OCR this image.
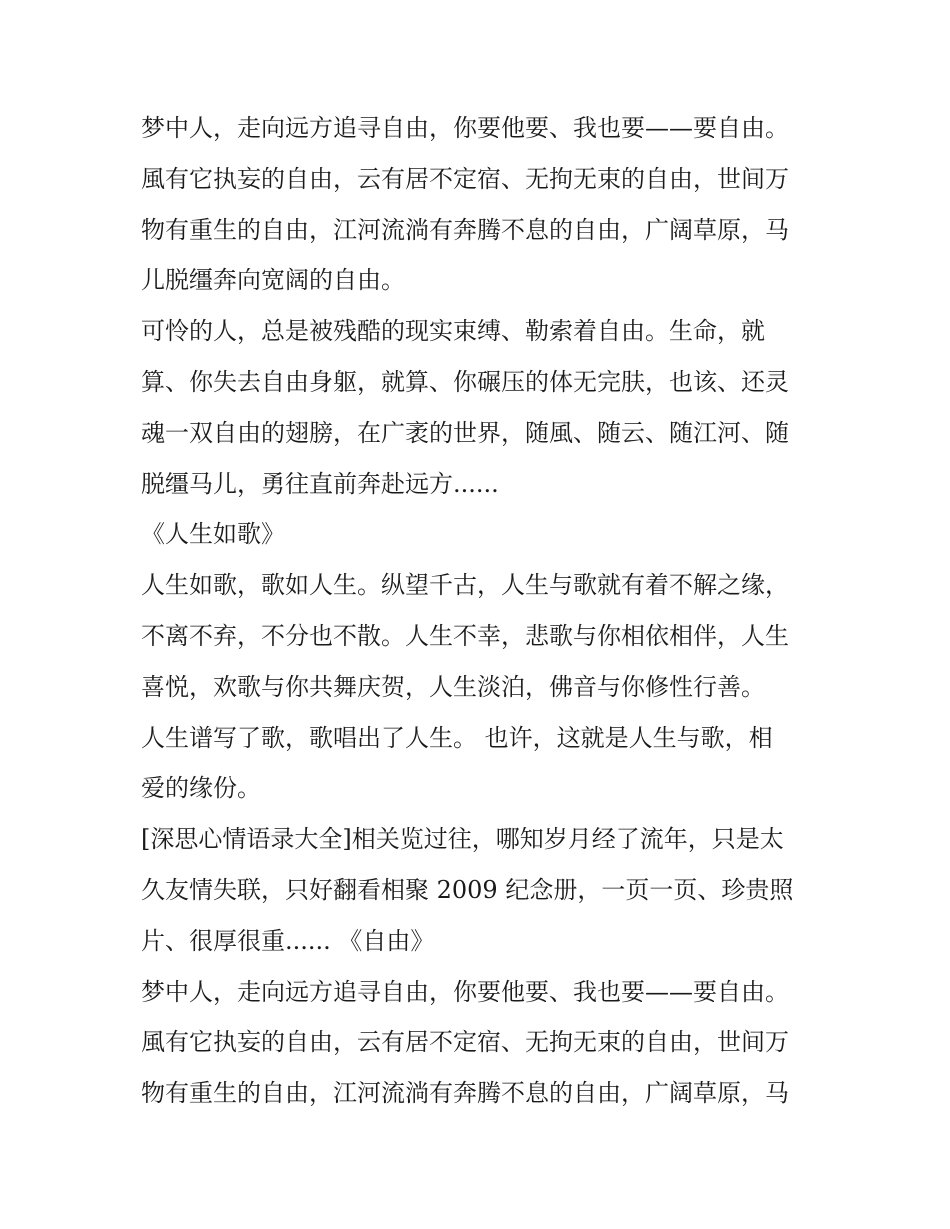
梦中人，走向远方追寻自由，你要他要、我也要——要自由。
風有它执妄的自由，云有居不定宿、无拘无束的自由，世间万
物有重生的自由，江河流淌有奔腾不息的自由，广阔草原，马
儿脱缰奔向宽阔的自由。
可怜的人，总是被残酷的现实束缚、勒索着自由。生命，就
算、你失去自由身躯，就算、你碾压的体无完肤，也该、还灵
魂一双自由的翅膀，在广袤的世界，随風、随云、随江河、随
脱缰马儿，勇往直前奔赴远方......
《人生如歌》
人生如歌，歌如人生。纵望千古，人生与歌就有着不解之缘，
不离不弃，不分也不散。人生不幸，悲歌与你相依相伴，人生
喜悦，欢歌与你共舞庆贺，人生淡泊，佛音与你修性行善。
人生谱写了歌，歌唱出了人生。 也许，这就是人生与歌，相
爱的缘份。
[深思心情语录大全]相关览过往，哪知岁月经了流年，只是太
久友情失联，只好翻看相聚 2009 纪念册，一页一页、珍贵照
片、很厚很重...... 《自由》
梦中人，走向远方追寻自由，你要他要、我也要——要自由。
風有它执妄的自由，云有居不定宿、无拘无束的自由，世间万
物有重生的自由，江河流淌有奔腾不息的自由，广阔草原，马
